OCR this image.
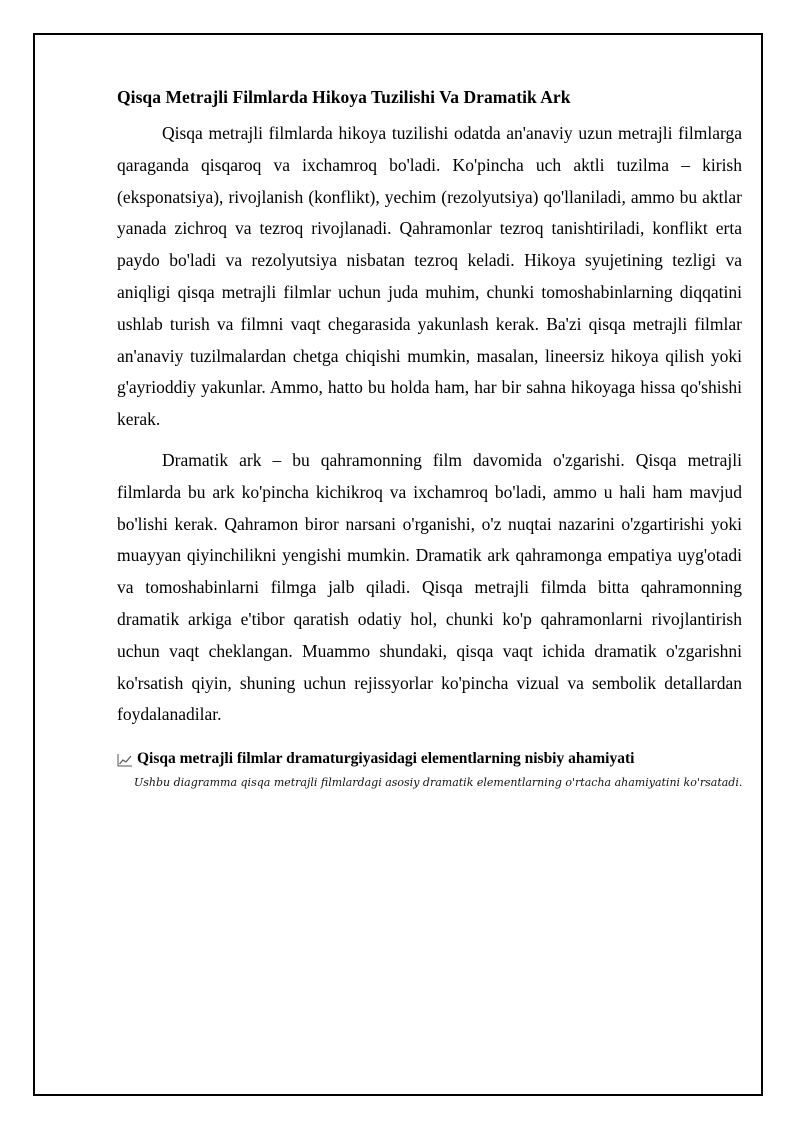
Qisqa Metrajli Filmlarda Hikoya Tuzilishi Va Dramatik Ark

Qisqa metrajli filmlarda hikoya tuzilishi odatda an'anaviy uzun metrajli filmlarga qaraganda qisqaroq va ixchamroq bo'ladi. Ko'pincha uch aktli tuzilma – kirish (eksponatsiya), rivojlanish (konflikt), yechim (rezolyutsiya) qo'llaniladi, ammo bu aktlar yanada zichroq va tezroq rivojlanadi. Qahramonlar tezroq tanishtiriladi, konflikt erta paydo bo'ladi va rezolyutsiya nisbatan tezroq keladi. Hikoya syujetining tezligi va aniqligi qisqa metrajli filmlar uchun juda muhim, chunki tomoshabinlarning diqqatini ushlab turish va filmni vaqt chegarasida yakunlash kerak. Ba'zi qisqa metrajli filmlar an'anaviy tuzilmalardan chetga chiqishi mumkin, masalan, lineersiz hikoya qilish yoki g'ayrioddiy yakunlar. Ammo, hatto bu holda ham, har bir sahna hikoyaga hissa qo'shishi kerak.

Dramatik ark – bu qahramonning film davomida o'zgarishi. Qisqa metrajli filmlarda bu ark ko'pincha kichikroq va ixchamroq bo'ladi, ammo u hali ham mavjud bo'lishi kerak. Qahramon biror narsani o'rganishi, o'z nuqtai nazarini o'zgartirishi yoki muayyan qiyinchilikni yengishi mumkin. Dramatik ark qahramonga empatiya uyg'otadi va tomoshabinlarni filmga jalb qiladi. Qisqa metrajli filmda bitta qahramonning dramatik arkiga e'tibor qaratish odatiy hol, chunki ko'p qahramonlarni rivojlantirish uchun vaqt cheklangan. Muammo shundaki, qisqa vaqt ichida dramatik o'zgarishni ko'rsatish qiyin, shuning uchun rejissyorlar ko'pincha vizual va sembolik detallardan foydalanadilar.

Qisqa metrajli filmlar dramaturgiyasidagi elementlarning nisbiy ahamiyati
Ushbu diagramma qisqa metrajli filmlardagi asosiy dramatik elementlarning o'rtacha ahamiyatini ko'rsatadi.
